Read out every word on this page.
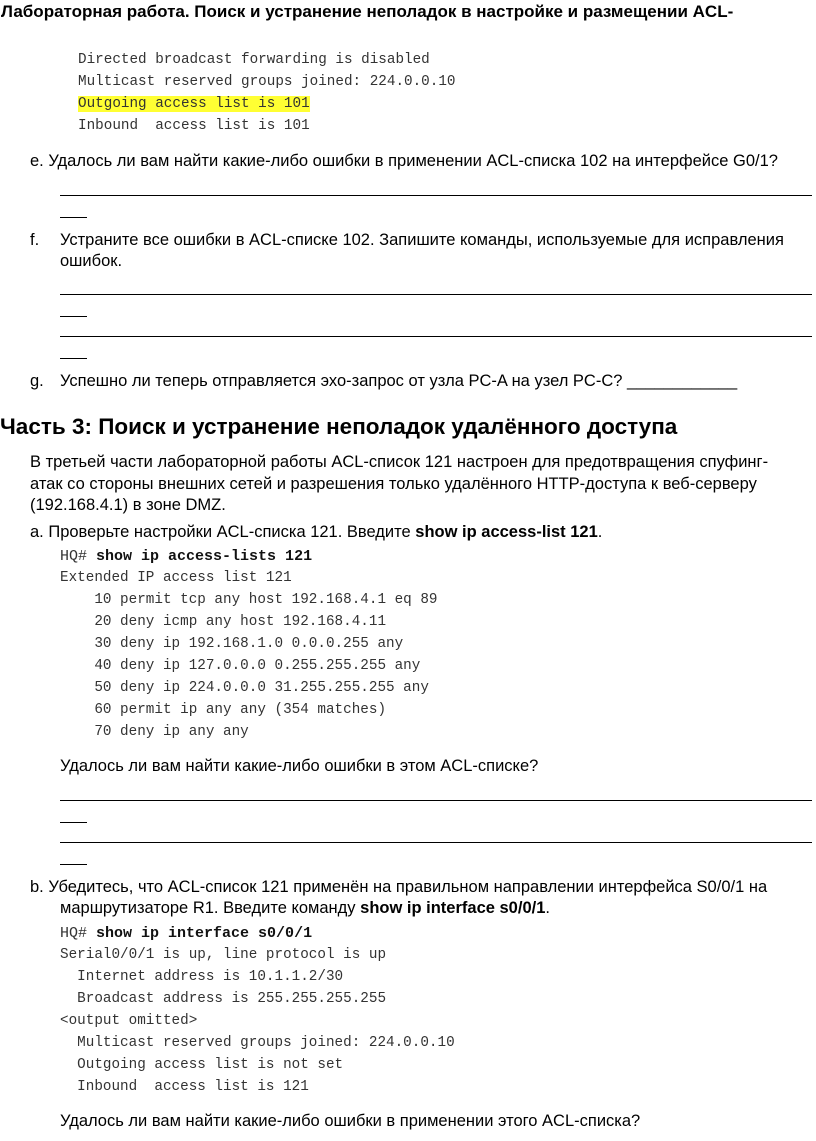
Лабораторная работа. Поиск и устранение неполадок в настройке и размещении ACL-
Directed broadcast forwarding is disabled
Multicast reserved groups joined: 224.0.0.10
Outgoing access list is 101
Inbound  access list is 101
e. Удалось ли вам найти какие-либо ошибки в применении ACL-списка 102 на интерфейсе G0/1?
f. Устраните все ошибки в ACL-списке 102. Запишите команды, используемые для исправления
ошибок.
g. Успешно ли теперь отправляется эхо-запрос от узла PC-A на узел PC-C? ____________
Часть 3: Поиск и устранение неполадок удалённого доступа
В третьей части лабораторной работы ACL-список 121 настроен для предотвращения спуфинг-
атак со стороны внешних сетей и разрешения только удалённого HTTP-доступа к веб-серверу
(192.168.4.1) в зоне DMZ.
a. Проверьте настройки ACL-списка 121. Введите show ip access-list 121.
HQ# show ip access-lists 121
Extended IP access list 121
10 permit tcp any host 192.168.4.1 eq 89
20 deny icmp any host 192.168.4.11
30 deny ip 192.168.1.0 0.0.0.255 any
40 deny ip 127.0.0.0 0.255.255.255 any
50 deny ip 224.0.0.0 31.255.255.255 any
60 permit ip any any (354 matches)
70 deny ip any any
Удалось ли вам найти какие-либо ошибки в этом ACL-списке?
b. Убедитесь, что ACL-список 121 применён на правильном направлении интерфейса S0/0/1 на
маршрутизаторе R1. Введите команду show ip interface s0/0/1.
HQ# show ip interface s0/0/1
Serial0/0/1 is up, line protocol is up
Internet address is 10.1.1.2/30
Broadcast address is 255.255.255.255
<output omitted>
Multicast reserved groups joined: 224.0.0.10
Outgoing access list is not set
Inbound  access list is 121
Удалось ли вам найти какие-либо ошибки в применении этого ACL-списка?
